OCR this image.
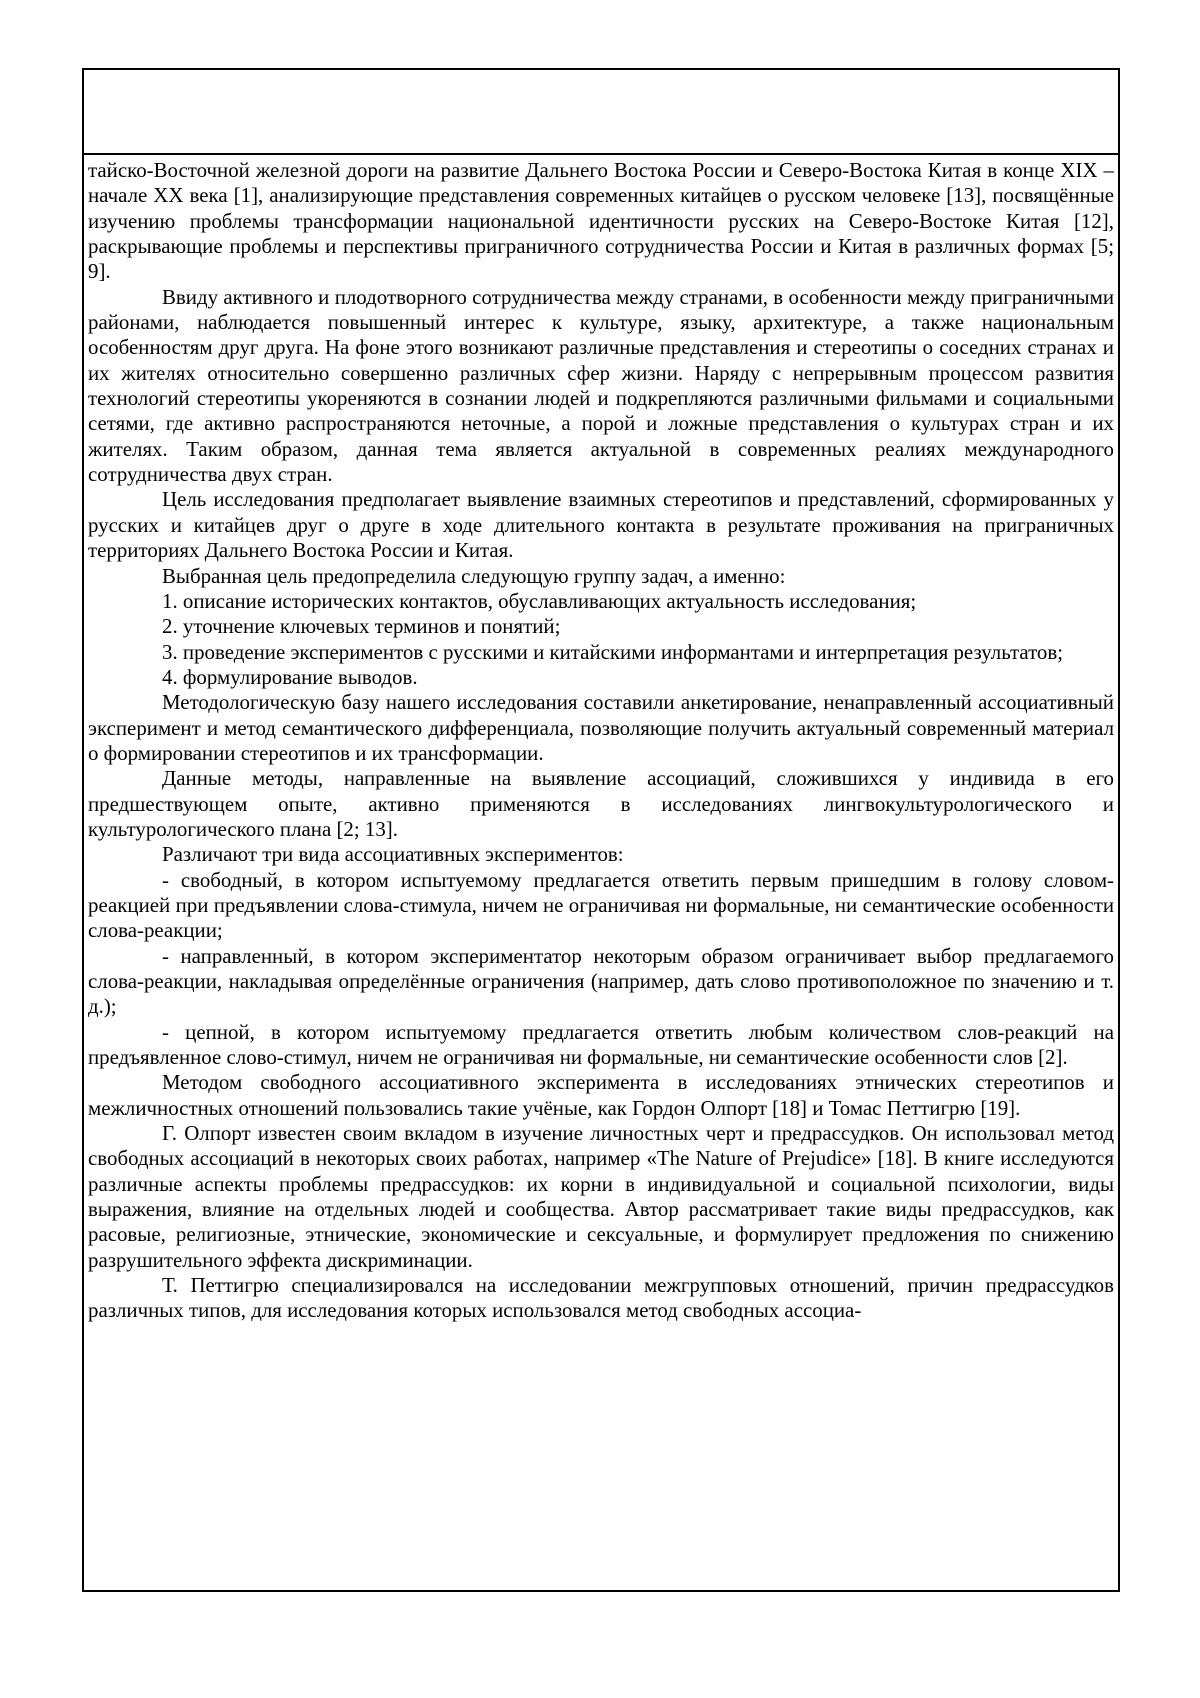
тайско-Восточной железной дороги на развитие Дальнего Востока России и Северо-Востока Китая в конце XIX – начале XX века [1], анализирующие представления современных китайцев о русском человеке [13], посвящённые изучению проблемы трансформации национальной идентичности русских на Северо-Востоке Китая [12], раскрывающие проблемы и перспективы приграничного сотрудничества России и Китая в различных формах [5; 9].

Ввиду активного и плодотворного сотрудничества между странами, в особенности между приграничными районами, наблюдается повышенный интерес к культуре, языку, архитектуре, а также национальным особенностям друг друга. На фоне этого возникают различные представления и стереотипы о соседних странах и их жителях относительно совершенно различных сфер жизни. Наряду с непрерывным процессом развития технологий стереотипы укореняются в сознании людей и подкрепляются различными фильмами и социальными сетями, где активно распространяются неточные, а порой и ложные представления о культурах стран и их жителях. Таким образом, данная тема является актуальной в современных реалиях международного сотрудничества двух стран.

Цель исследования предполагает выявление взаимных стереотипов и представлений, сформированных у русских и китайцев друг о друге в ходе длительного контакта в результате проживания на приграничных территориях Дальнего Востока России и Китая.

Выбранная цель предопределила следующую группу задач, а именно:

1. описание исторических контактов, обуславливающих актуальность исследования;

2. уточнение ключевых терминов и понятий;

3. проведение экспериментов с русскими и китайскими информантами и интерпретация результатов;

4. формулирование выводов.

Методологическую базу нашего исследования составили анкетирование, ненаправленный ассоциативный эксперимент и метод семантического дифференциала, позволяющие получить актуальный современный материал о формировании стереотипов и их трансформации.

Данные методы, направленные на выявление ассоциаций, сложившихся у индивида в его предшествующем опыте, активно применяются в исследованиях лингвокультурологического и культурологического плана [2; 13].

Различают три вида ассоциативных экспериментов:

- свободный, в котором испытуемому предлагается ответить первым пришедшим в голову словом-реакцией при предъявлении слова-стимула, ничем не ограничивая ни формальные, ни семантические особенности слова-реакции;

- направленный, в котором экспериментатор некоторым образом ограничивает выбор предлагаемого слова-реакции, накладывая определённые ограничения (например, дать слово противоположное по значению и т. д.);

- цепной, в котором испытуемому предлагается ответить любым количеством слов-реакций на предъявленное слово-стимул, ничем не ограничивая ни формальные, ни семантические особенности слов [2].

Методом свободного ассоциативного эксперимента в исследованиях этнических стереотипов и межличностных отношений пользовались такие учёные, как Гордон Олпорт [18] и Томас Петтигрю [19].

Г. Олпорт известен своим вкладом в изучение личностных черт и предрассудков. Он использовал метод свободных ассоциаций в некоторых своих работах, например «The Nature of Prejudice» [18]. В книге исследуются различные аспекты проблемы предрассудков: их корни в индивидуальной и социальной психологии, виды выражения, влияние на отдельных людей и сообщества. Автор рассматривает такие виды предрассудков, как расовые, религиозные, этнические, экономические и сексуальные, и формулирует предложения по снижению разрушительного эффекта дискриминации.

Т. Петтигрю специализировался на исследовании межгрупповых отношений, причин предрассудков различных типов, для исследования которых использовался метод свободных ассоциа-
